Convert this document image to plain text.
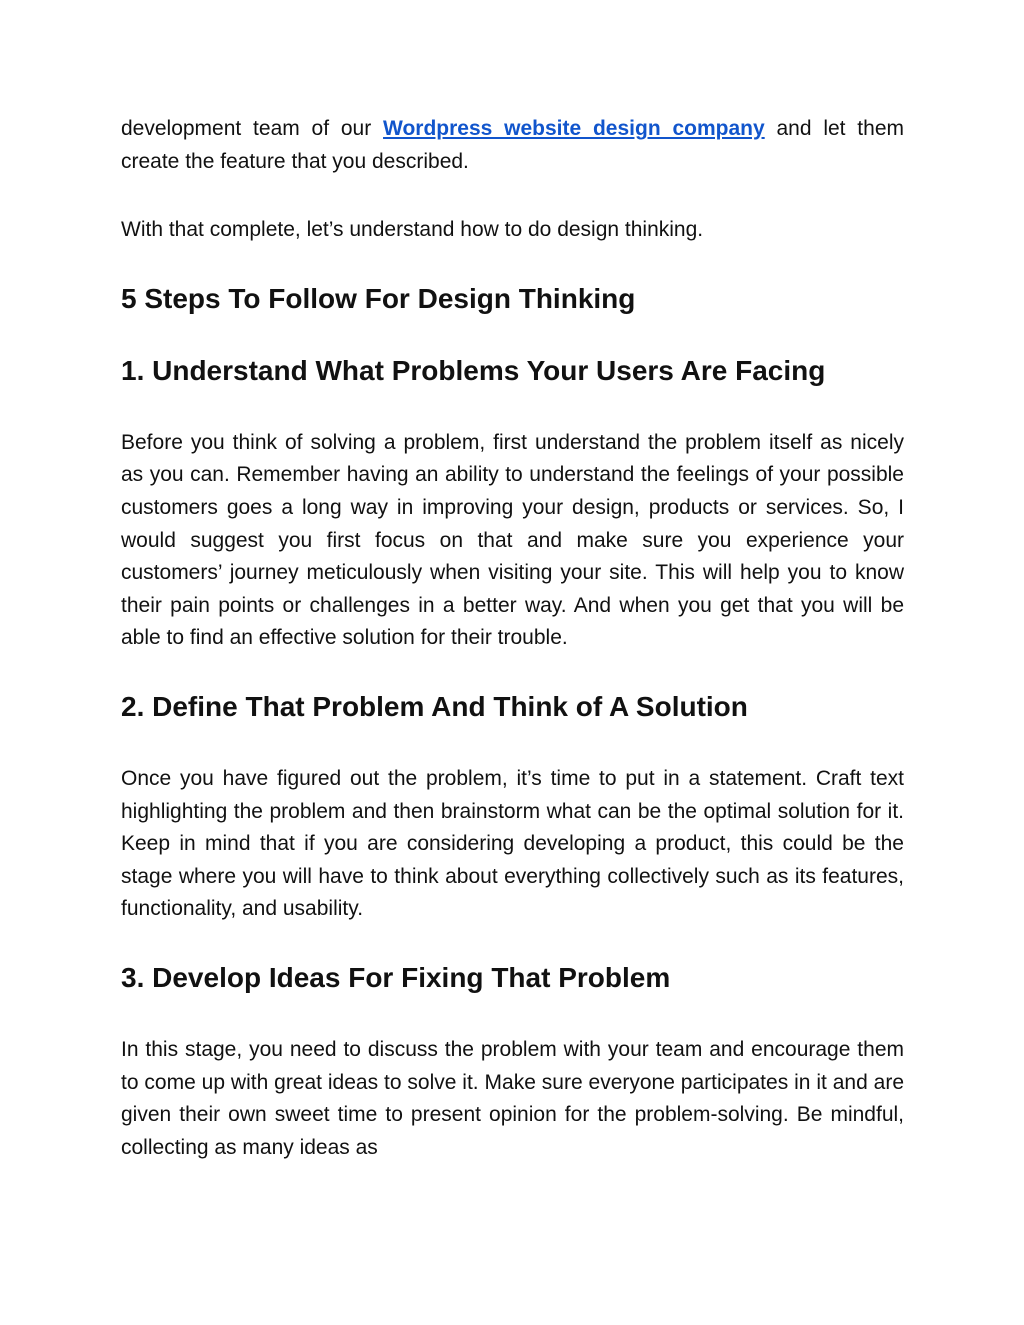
development team of our Wordpress website design company and let them create the feature that you described.

With that complete, let’s understand how to do design thinking.

5 Steps To Follow For Design Thinking
1. Understand What Problems Your Users Are Facing

Before you think of solving a problem, first understand the problem itself as nicely as you can. Remember having an ability to understand the feelings of your possible customers goes a long way in improving your design, products or services. So, I would suggest you first focus on that and make sure you experience your customers’ journey meticulously when visiting your site. This will help you to know their pain points or challenges in a better way. And when you get that you will be able to find an effective solution for their trouble.

2. Define That Problem And Think of A Solution

Once you have figured out the problem, it’s time to put in a statement. Craft text highlighting the problem and then brainstorm what can be the optimal solution for it. Keep in mind that if you are considering developing a product, this could be the stage where you will have to think about everything collectively such as its features, functionality, and usability.

3. Develop Ideas For Fixing That Problem

In this stage, you need to discuss the problem with your team and encourage them to come up with great ideas to solve it. Make sure everyone participates in it and are given their own sweet time to present opinion for the problem-solving. Be mindful, collecting as many ideas as
